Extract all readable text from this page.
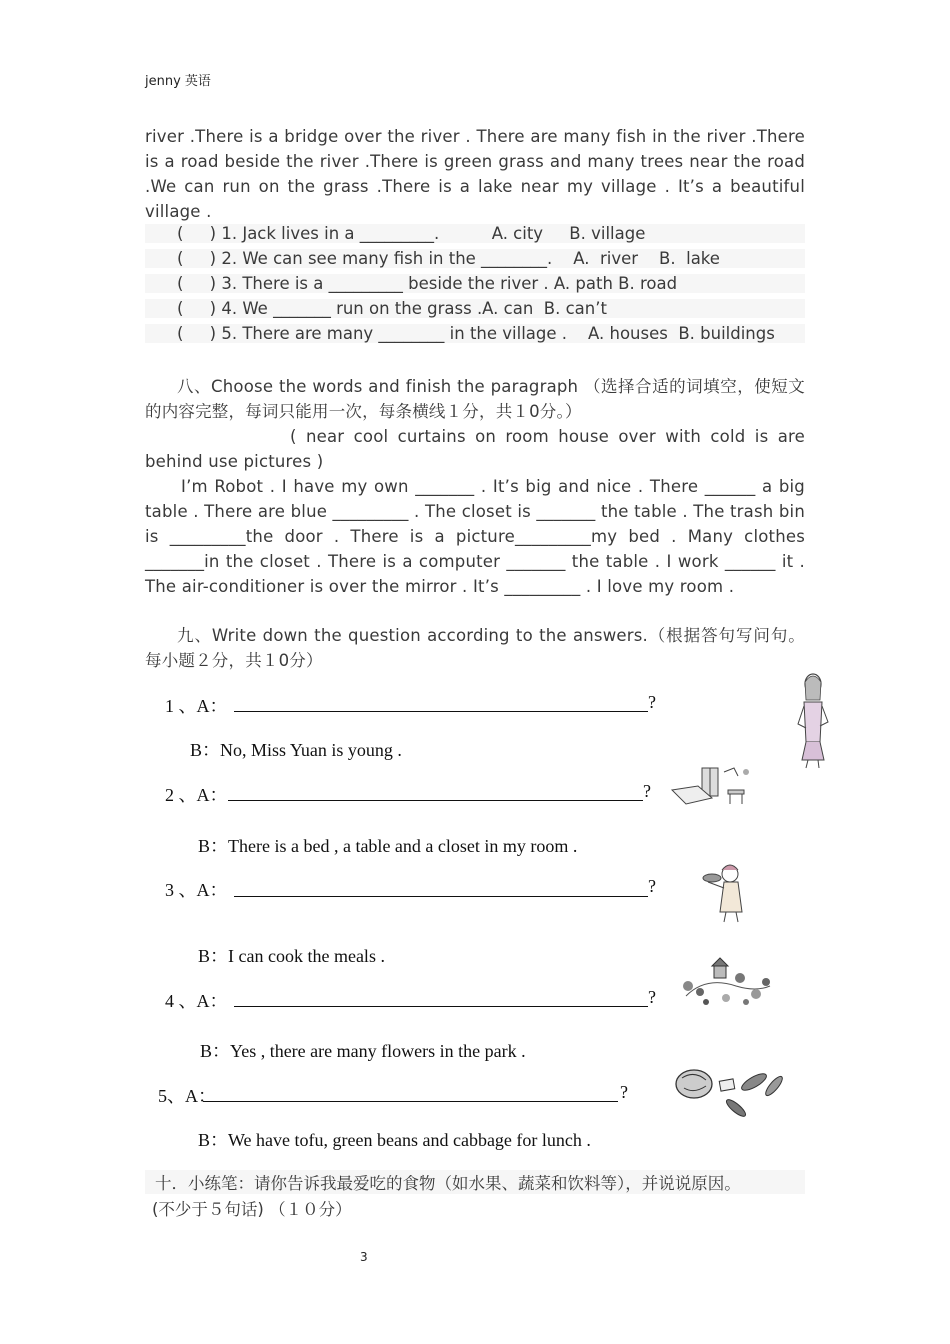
jenny 英语
river .There is a bridge over the river . There are many fish in the river .There is a road beside the river .There is green grass and many trees near the road .We can run on the grass .There is a lake near my village . It’s a beautiful village .
(     ) 1. Jack lives in a _________.          A. city     B. village
(     ) 2. We can see many fish in the ________.    A.  river    B.  lake
(     ) 3. There is a _________ beside the river . A. path B. road
(     ) 4. We _______ run on the grass .A. can  B. can’t
(     ) 5. There are many ________ in the village .    A. houses  B. buildings
八、Choose the words and finish the paragraph （选择合适的词填空，使短文的内容完整，每词只能用一次，每条横线１分，共１0分。）
( near cool curtains on room house over with cold is are behind use pictures )
I’m Robot . I have my own _______ . It’s big and nice . There ______ a big table . There are blue _________ . The closet is _______ the table . The trash bin is _________the door . There is a picture_________my bed . Many clothes _______in the closet . There is a computer _______ the table . I work ______ it . The air-conditioner is over the mirror . It’s _________ . I love my room .
九、Write down the question according to the answers.（根据答句写问句。每小题２分，共１0分）
1 、A：	?
B：No, Miss Yuan is young .
2 、A：	?
B：There is a bed , a table and a closet in my room .
3 、A：	?
B：I can cook the meals .
4 、A：	?
B：Yes , there are many flowers in the park .
5、A：	?
B：We have tofu, green beans and cabbage for lunch .
十．小练笔：请你告诉我最爱吃的食物（如水果、蔬菜和饮料等），并说说原因。
(不少于５句话) （１０分）
3
